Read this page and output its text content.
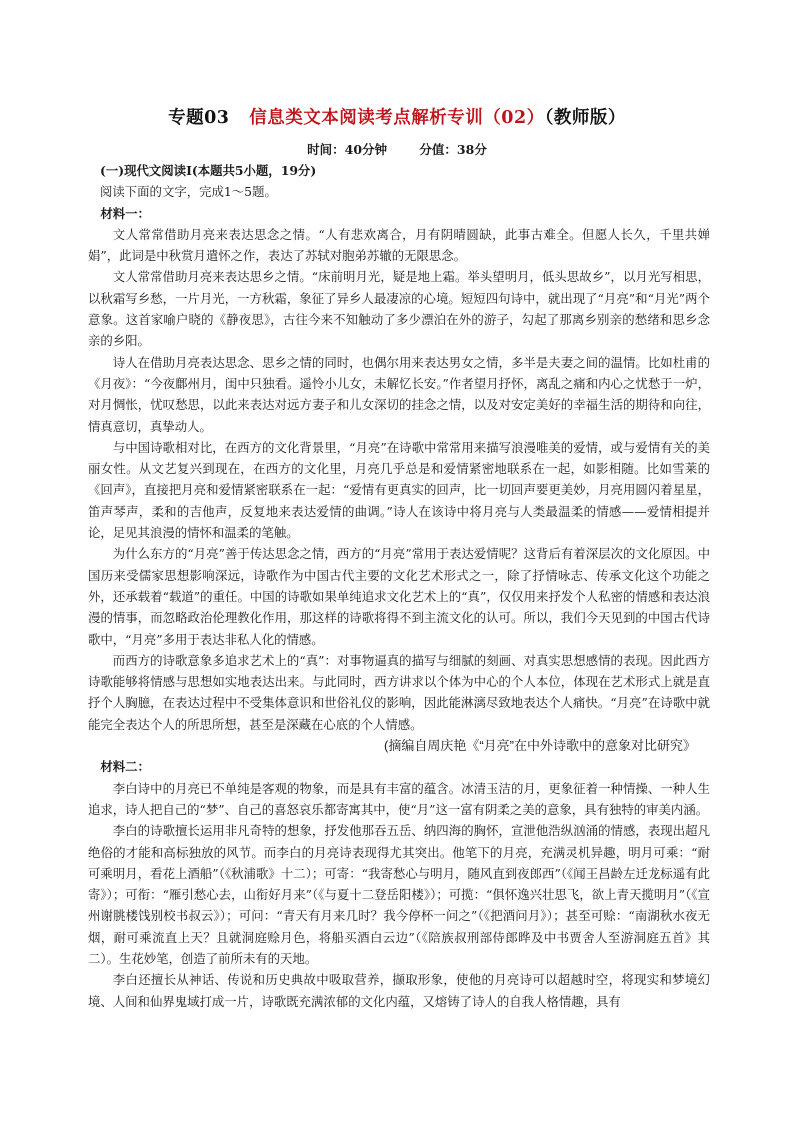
专题03 信息类文本阅读考点解析专训（02）（教师版）
时间：40分钟	分值：38分

(一)现代文阅读Ⅰ(本题共5小题，19分)

阅读下面的文字，完成1～5题。

材料一：

文人常常借助月亮来表达思念之情。“人有悲欢离合，月有阴晴圆缺，此事古难全。但愿人长久，千里共婵娟”，此词是中秋赏月遣怀之作，表达了苏轼对胞弟苏辙的无限思念。

文人常常借助月亮来表达思乡之情。“床前明月光，疑是地上霜。举头望明月，低头思故乡”，以月光写相思，以秋霜写乡愁，一片月光，一方秋霜，象征了异乡人最凄凉的心境。短短四句诗中，就出现了“月亮”和“月光”两个意象。这首家喻户晓的《静夜思》，古往今来不知触动了多少漂泊在外的游子，勾起了那离乡别亲的愁绪和思乡念亲的乡阳。

诗人在借助月亮表达思念、思乡之情的同时，也偶尔用来表达男女之情，多半是夫妻之间的温情。比如杜甫的《月夜》：“今夜鄜州月，闺中只独看。遥怜小儿女，未解忆长安。”作者望月抒怀，离乱之痛和内心之忧愁于一炉，对月惆怅，忧叹愁思，以此来表达对远方妻子和儿女深切的挂念之情，以及对安定美好的幸福生活的期待和向往，情真意切，真挚动人。

与中国诗歌相对比，在西方的文化背景里，“月亮”在诗歌中常常用来描写浪漫唯美的爱情，或与爱情有关的美丽女性。从文艺复兴到现在，在西方的文化里，月亮几乎总是和爱情紧密地联系在一起，如影相随。比如雪莱的《回声》，直接把月亮和爱情紧密联系在一起：“爱情有更真实的回声，比一切回声要更美妙，月亮用圆闪着星星，笛声琴声，柔和的吉他声，反复地来表达爱情的曲调。”诗人在该诗中将月亮与人类最温柔的情感——爱情相提并论，足见其浪漫的情怀和温柔的笔触。

为什么东方的“月亮”善于传达思念之情，西方的“月亮”常用于表达爱情呢？这背后有着深层次的文化原因。中国历来受儒家思想影响深远，诗歌作为中国古代主要的文化艺术形式之一，除了抒情咏志、传承文化这个功能之外，还承载着“载道”的重任。中国的诗歌如果单纯追求文化艺术上的“真”，仅仅用来抒发个人私密的情感和表达浪漫的情事，而忽略政治伦理教化作用，那这样的诗歌将得不到主流文化的认可。所以，我们今天见到的中国古代诗歌中，“月亮”多用于表达非私人化的情感。

而西方的诗歌意象多追求艺术上的“真”：对事物逼真的描写与细腻的刻画、对真实思想感情的表现。因此西方诗歌能够将情感与思想如实地表达出来。与此同时，西方讲求以个体为中心的个人本位，体现在艺术形式上就是直抒个人胸臆，在表达过程中不受集体意识和世俗礼仪的影响，因此能淋漓尽致地表达个人痛快。“月亮”在诗歌中就能完全表达个人的所思所想，甚至是深藏在心底的个人情感。

(摘编自周庆艳《“月亮”在中外诗歌中的意象对比研究》

材料二：

李白诗中的月亮已不单纯是客观的物象，而是具有丰富的蕴含。冰清玉洁的月，更象征着一种情操、一种人生追求，诗人把自己的“梦”、自己的喜怒哀乐都寄寓其中，使“月”这一富有阴柔之美的意象，具有独特的审美内涵。

李白的诗歌擅长运用非凡奇特的想象，抒发他那吞五岳、纳四海的胸怀，宣泄他浩纵汹涌的情感，表现出超凡绝俗的才能和高标独放的风节。而李白的月亮诗表现得尤其突出。他笔下的月亮，充满灵机异趣，明月可乘：“耐可乘明月，看花上酒船”（《秋浦歌》十二）；可寄：“我寄愁心与明月，随风直到夜郎西”（《闻王昌龄左迁龙标遥有此寄》）；可衔：“雁引愁心去，山衔好月来”（《与夏十二登岳阳楼》）；可揽：“俱怀逸兴壮思飞，欲上青天揽明月”（《宣州谢朓楼饯别校书叔云》）；可问：“青天有月来几时？我今停杯一问之”（《把酒问月》）；甚至可赊：“南湖秋水夜无烟，耐可乘流直上天？且就洞庭赊月色，将船买酒白云边”（《陪族叔刑部侍郎晔及中书贾舍人至游洞庭五首》其二）。生花妙笔，创造了前所未有的天地。

李白还擅长从神话、传说和历史典故中吸取营养，撷取形象，使他的月亮诗可以超越时空，将现实和梦境幻境、人间和仙界鬼域打成一片，诗歌既充满浓郁的文化内蕴，又熔铸了诗人的自我人格情趣，具有
